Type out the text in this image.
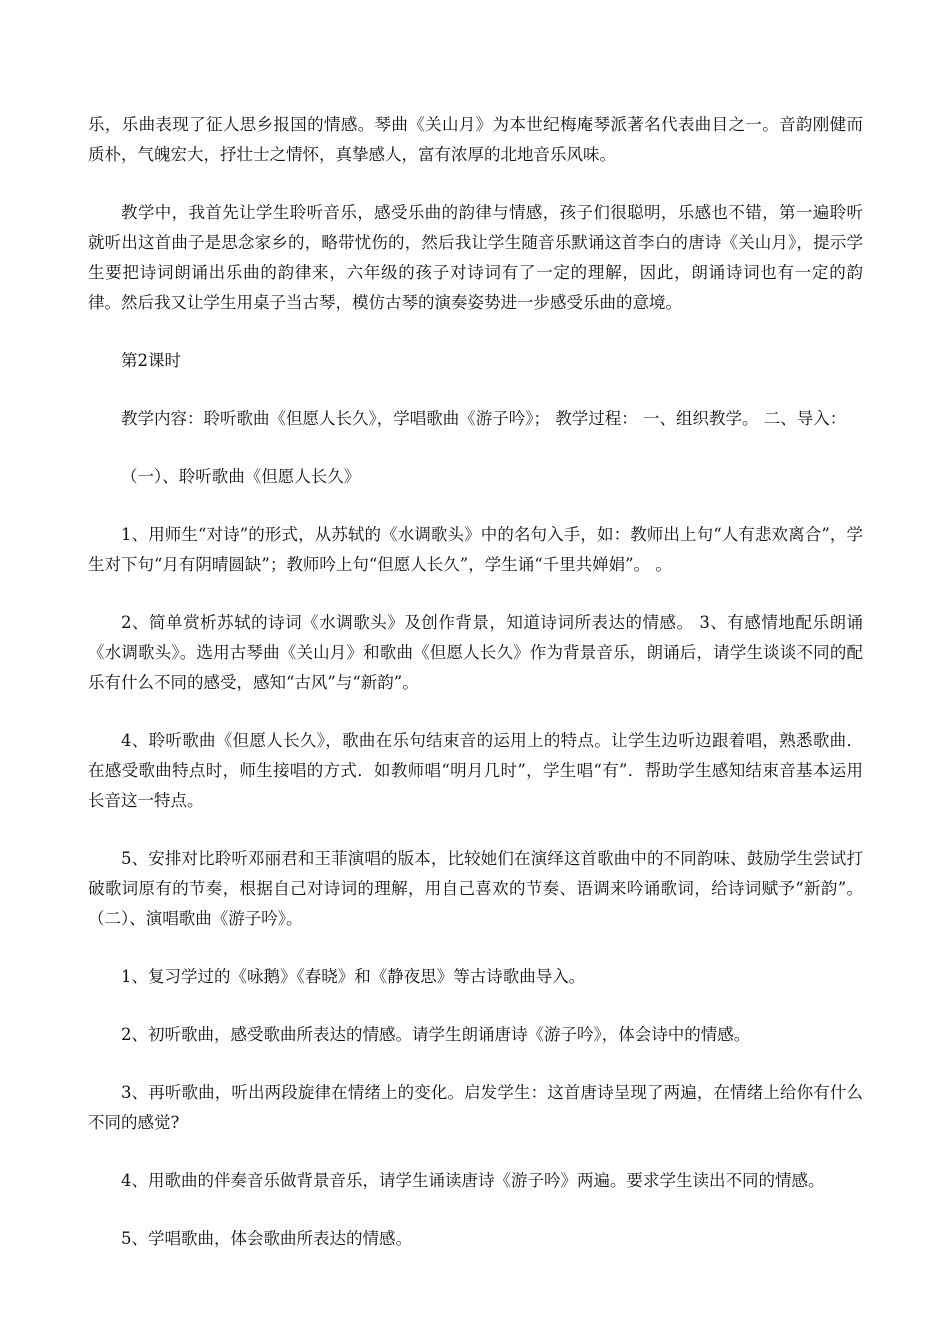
乐，乐曲表现了征人思乡报国的情感。琴曲《关山月》为本世纪梅庵琴派著名代表曲目之一。音韵刚健而质朴，气魄宏大，抒壮士之情怀，真挚感人，富有浓厚的北地音乐风味。

教学中，我首先让学生聆听音乐，感受乐曲的韵律与情感，孩子们很聪明，乐感也不错，第一遍聆听就听出这首曲子是思念家乡的，略带忧伤的，然后我让学生随音乐默诵这首李白的唐诗《关山月》，提示学生要把诗词朗诵出乐曲的韵律来，六年级的孩子对诗词有了一定的理解，因此，朗诵诗词也有一定的韵律。然后我又让学生用桌子当古琴，模仿古琴的演奏姿势进一步感受乐曲的意境。

第2课时

教学内容：聆听歌曲《但愿人长久》，学唱歌曲《游子吟》； 教学过程： 一、组织教学。 二、导入：

（一）、聆听歌曲《但愿人长久》

1、用师生“对诗”的形式，从苏轼的《水调歌头》中的名句入手，如：教师出上句“人有悲欢离合”，学生对下句“月有阴晴圆缺”；教师吟上句“但愿人长久”，学生诵“千里共婵娟”。 。

2、简单赏析苏轼的诗词《水调歌头》及创作背景，知道诗词所表达的情感。 3、有感情地配乐朗诵《水调歌头》。选用古琴曲《关山月》和歌曲《但愿人长久》作为背景音乐，朗诵后，请学生谈谈不同的配乐有什么不同的感受，感知“古风”与“新韵”。

4、聆听歌曲《但愿人长久》，歌曲在乐句结束音的运用上的特点。让学生边听边跟着唱，熟悉歌曲．在感受歌曲特点时，师生接唱的方式．如教师唱“明月几时”，学生唱“有”．帮助学生感知结束音基本运用长音这一特点。

5、安排对比聆听邓丽君和王菲演唱的版本，比较她们在演绎这首歌曲中的不同韵味、鼓励学生尝试打破歌词原有的节奏，根据自己对诗词的理解，用自己喜欢的节奏、语调来吟诵歌词，给诗词赋予“新韵”。 （二）、演唱歌曲《游子吟》。

1、复习学过的《咏鹅》《春晓》和《静夜思》等古诗歌曲导入。

2、初听歌曲，感受歌曲所表达的情感。请学生朗诵唐诗《游子吟》，体会诗中的情感。

3、再听歌曲，听出两段旋律在情绪上的变化。启发学生：这首唐诗呈现了两遍，在情绪上给你有什么不同的感觉?

4、用歌曲的伴奏音乐做背景音乐，请学生诵读唐诗《游子吟》两遍。要求学生读出不同的情感。

5、学唱歌曲，体会歌曲所表达的情感。
